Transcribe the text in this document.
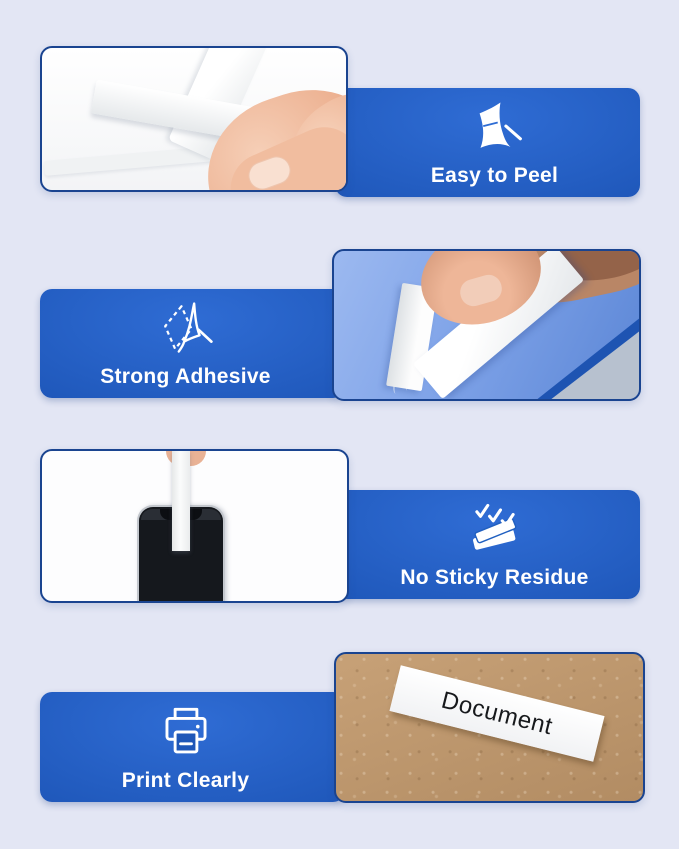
Easy to Peel
Strong Adhesive
No Sticky Residue
Print Clearly
Document
